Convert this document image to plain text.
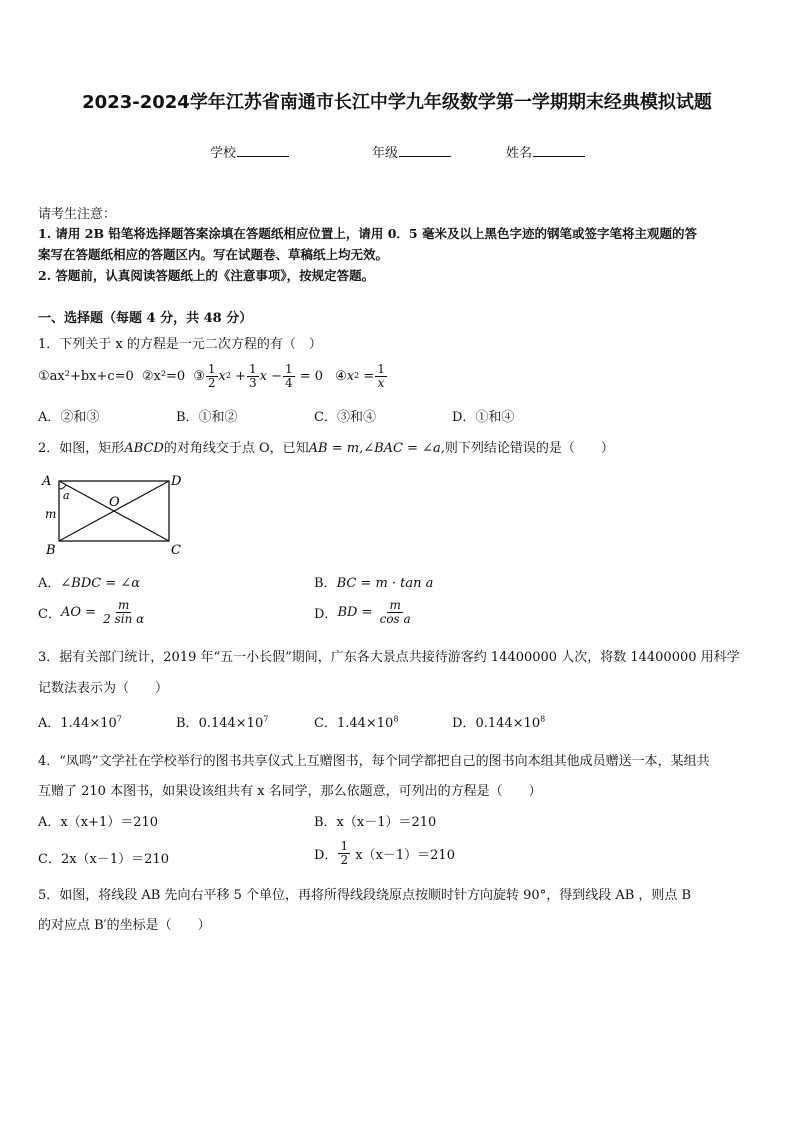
2023-2024学年江苏省南通市长江中学九年级数学第一学期期末经典模拟试题
学校	年级	姓名
请考生注意：
1. 请用 2B 铅笔将选择题答案涂填在答题纸相应位置上，请用 0．5 毫米及以上黑色字迹的钢笔或签字笔将主观题的答
案写在答题纸相应的答题区内。写在试题卷、草稿纸上均无效。
2. 答题前，认真阅读答题纸上的《注意事项》，按规定答题。
一、选择题（每题 4 分，共 48 分）
1．下列关于 x 的方程是一元二次方程的有（　）
①ax²+bx+c=0 ②x²=0 ③ $\frac{1}{2}$ x $2 + \frac{1}{3}$ $x - \frac{1}{4} = 0$ ④ x $2 = \frac{1}{x}$
A．②和③	B．①和②	C．③和④	D．①和④
2．如图，矩形ABCD的对角线交于点 O，已知AB = m,∠BAC = ∠a,则下列结论错误的是（　　）
A	D
B	C
O
m
a
A．∠BDC = ∠α	B．BC = m · tan a
C． AO =
$\frac{m}{\text{2 sin α}}$	D． BD =
$\frac{m}{\text{cos a}}$
3．据有关部门统计，2019 年“五一小长假”期间，广东各大景点共接待游客约 14400000 人次，将数 14400000 用科学
记数法表示为（　　）
A．$1.44\times 10^7$	B．$0.144\times 10^7$	C．$1.44\times 10^8$	D．$0.144\times 10^8$
4．“凤鸣”文学社在学校举行的图书共享仪式上互赠图书，每个同学都把自己的图书向本组其他成员赠送一本，某组共
互赠了 210 本图书，如果设该组共有 x 名同学，那么依题意，可列出的方程是（　　）
A．x（x+1）＝210	B．x（x－1）＝210
C．2x（x－1）＝210	D． $\frac{1}{2}$
x（x－1）＝210
5．如图，将线段 AB 先向右平移 5 个单位，再将所得线段绕原点按顺时针方向旋转 90°，得到线段 AB ，则点 B
的对应点 B′的坐标是（　　）
